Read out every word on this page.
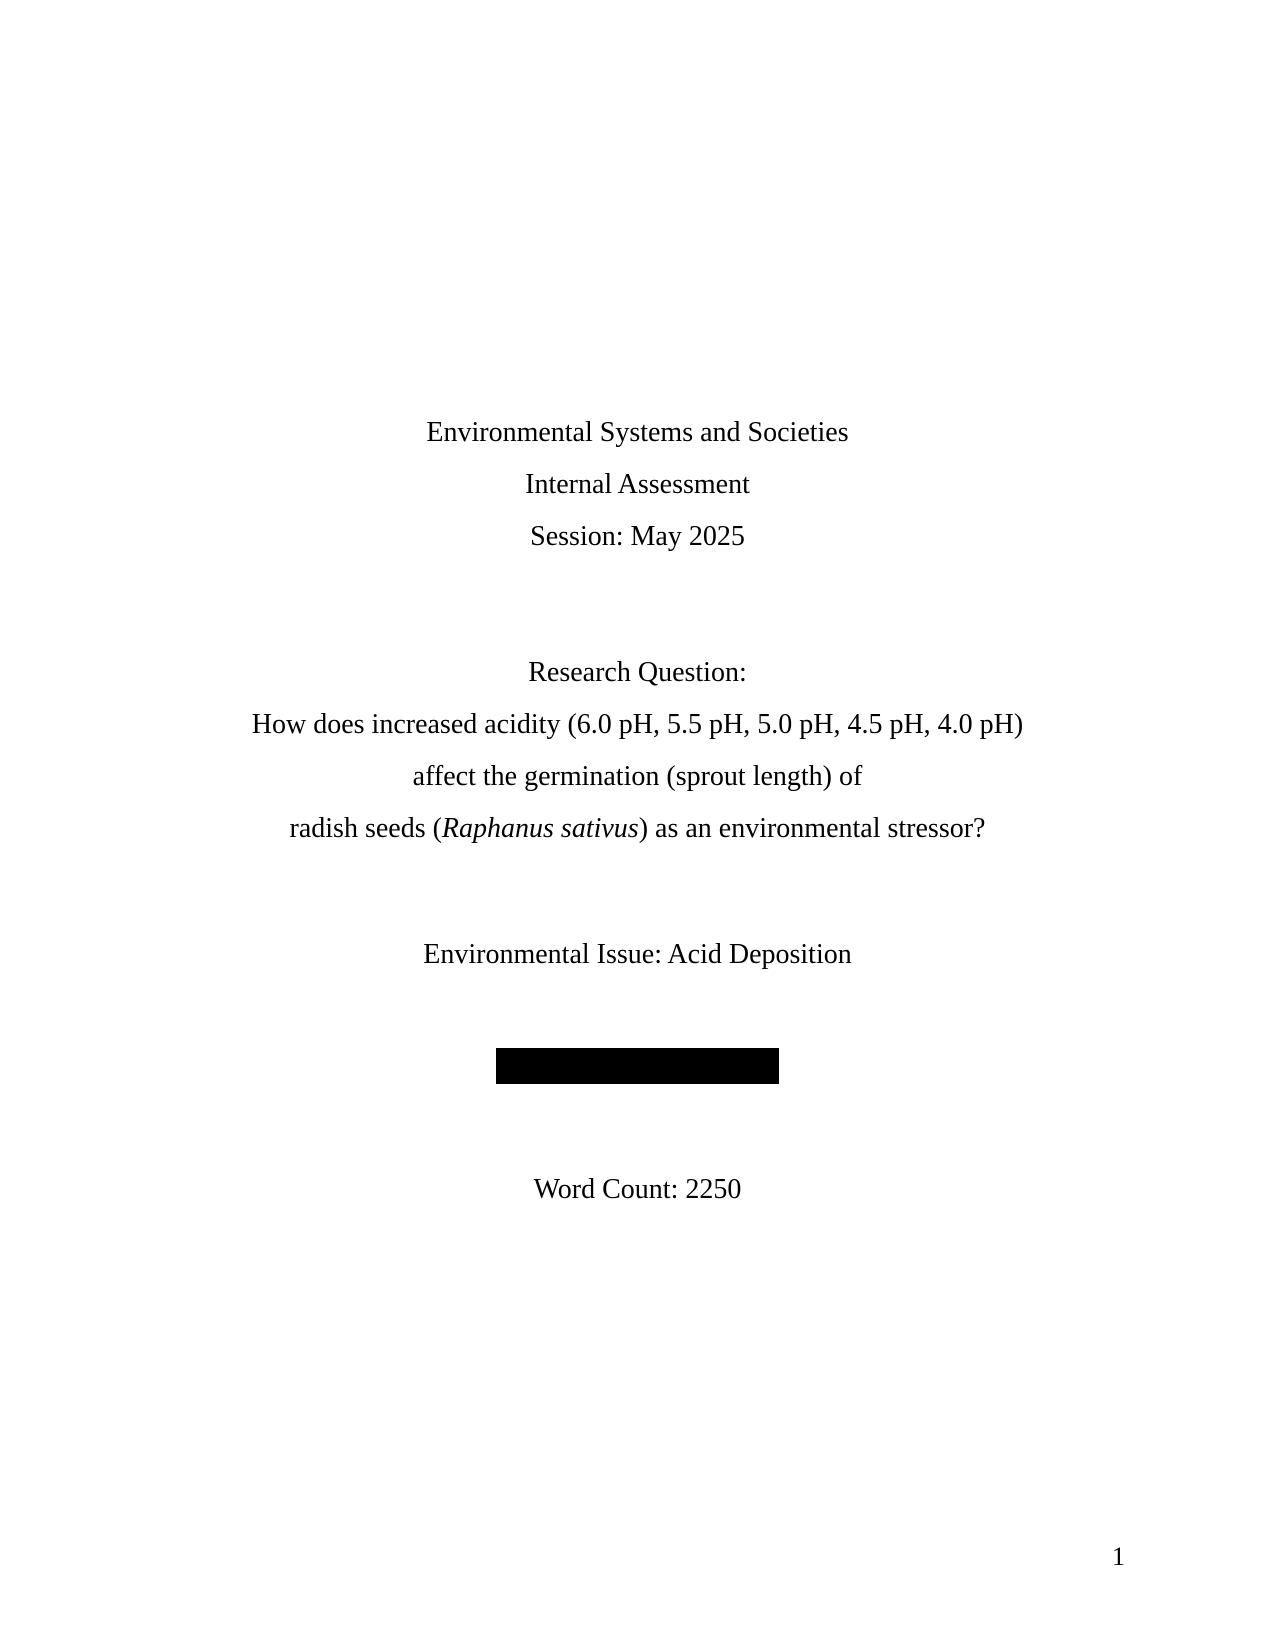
Environmental Systems and Societies
Internal Assessment
Session: May 2025
Research Question:
How does increased acidity (6.0 pH, 5.5 pH, 5.0 pH, 4.5 pH, 4.0 pH)
affect the germination (sprout length) of
radish seeds (Raphanus sativus) as an environmental stressor?
Environmental Issue: Acid Deposition
Word Count: 2250
1
